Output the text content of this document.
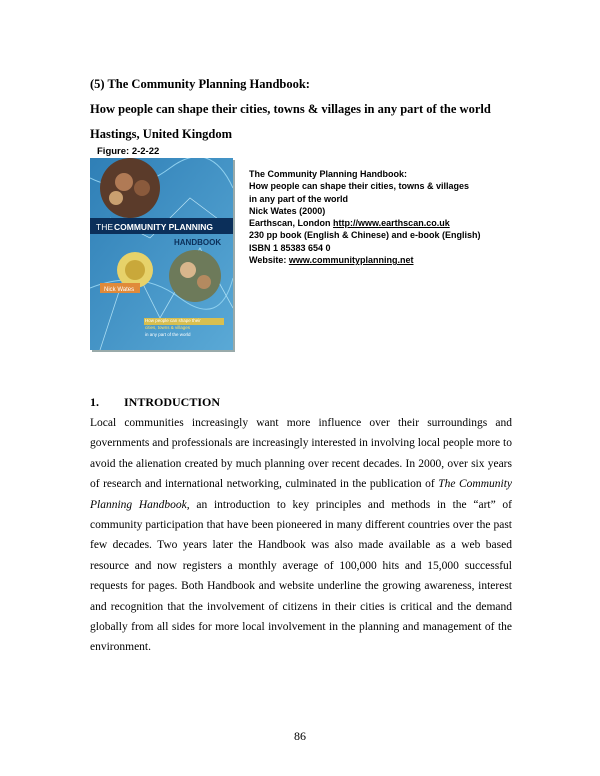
(5) The Community Planning Handbook:
How people can shape their cities, towns & villages in any part of the world
Hastings, United Kingdom
Figure: 2-2-22
THE COMMUNITY PLANNING
HANDBOOK
Nick Wates
How people can shape their
cities, towns & villages
in any part of the world
The Community Planning Handbook:
How people can shape their cities, towns & villages
in any part of the world
Nick Wates (2000)
Earthscan, London http://www.earthscan.co.uk
230 pp book (English & Chinese) and e-book (English)
ISBN 1 85383 654 0
Website: www.communityplanning.net
1. INTRODUCTION

Local communities increasingly want more influence over their surroundings and governments and professionals are increasingly interested in involving local people more to avoid the alienation created by much planning over recent decades. In 2000, over six years of research and international networking, culminated in the publication of The Community Planning Handbook, an introduction to key principles and methods in the “art” of community participation that have been pioneered in many different countries over the past few decades. Two years later the Handbook was also made available as a web based resource and now registers a monthly average of 100,000 hits and 15,000 successful requests for pages. Both Handbook and website underline the growing awareness, interest and recognition that the involvement of citizens in their cities is critical and the demand globally from all sides for more local involvement in the planning and management of the environment.

86
